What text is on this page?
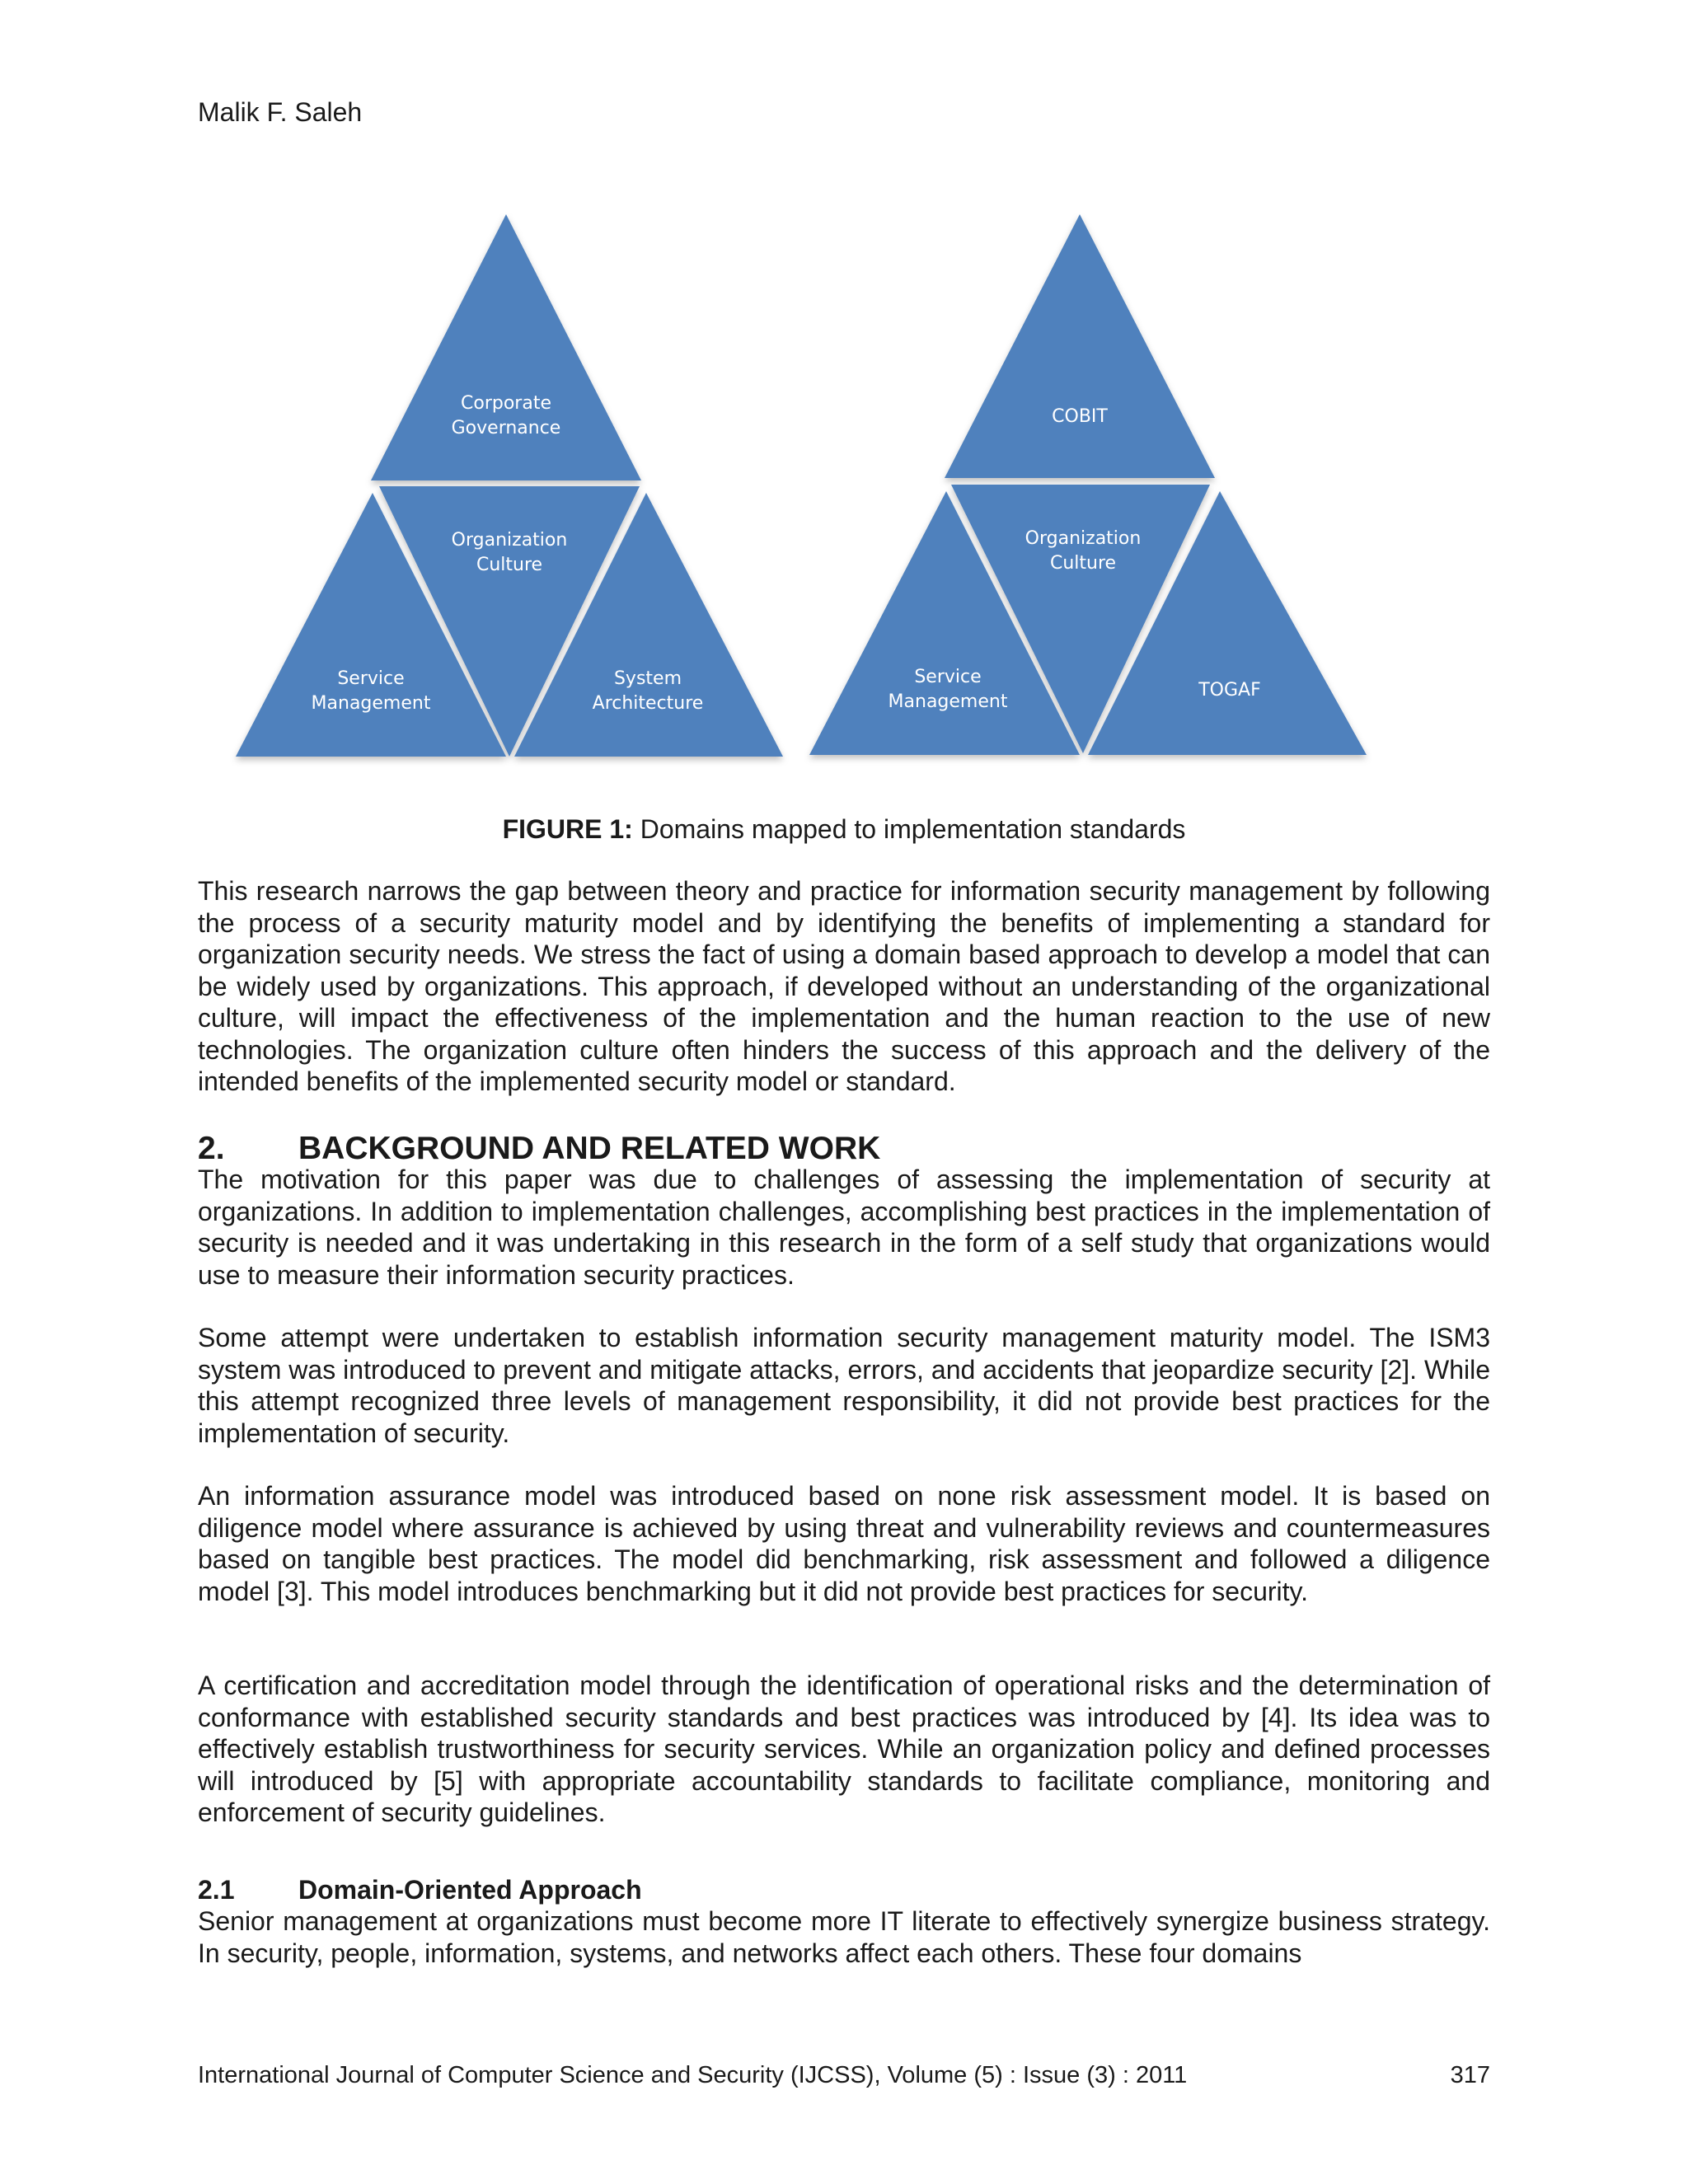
Malik F. Saleh
Corporate Governance
Organization Culture
Service Management
System Architecture
COBIT
Organization Culture
Service Management
TOGAF
FIGURE 1: Domains mapped to implementation standards

This research narrows the gap between theory and practice for information security management by following the process of a security maturity model and by identifying the benefits of implementing a standard for organization security needs. We stress the fact of using a domain based approach to develop a model that can be widely used by organizations. This approach, if developed without an understanding of the organizational culture, will impact the effectiveness of the implementation and the human reaction to the use of new technologies. The organization culture often hinders the success of this approach and the delivery of the intended benefits of the implemented security model or standard.

2. BACKGROUND AND RELATED WORK

The motivation for this paper was due to challenges of assessing the implementation of security at organizations. In addition to implementation challenges, accomplishing best practices in the implementation of security is needed and it was undertaking in this research in the form of a self study that organizations would use to measure their information security practices.

Some attempt were undertaken to establish information security management maturity model. The ISM3 system was introduced to prevent and mitigate attacks, errors, and accidents that jeopardize security [2]. While this attempt recognized three levels of management responsibility, it did not provide best practices for the implementation of security.

An information assurance model was introduced based on none risk assessment model. It is based on diligence model where assurance is achieved by using threat and vulnerability reviews and countermeasures based on tangible best practices. The model did benchmarking, risk assessment and followed a diligence model [3]. This model introduces benchmarking but it did not provide best practices for security.

A certification and accreditation model through the identification of operational risks and the determination of conformance with established security standards and best practices was introduced by [4]. Its idea was to effectively establish trustworthiness for security services. While an organization policy and defined processes will introduced by [5] with appropriate accountability standards to facilitate compliance, monitoring and enforcement of security guidelines.

2.1 Domain-Oriented Approach

Senior management at organizations must become more IT literate to effectively synergize business strategy. In security, people, information, systems, and networks affect each others. These four domains

International Journal of Computer Science and Security (IJCSS), Volume (5) : Issue (3) : 2011	317
